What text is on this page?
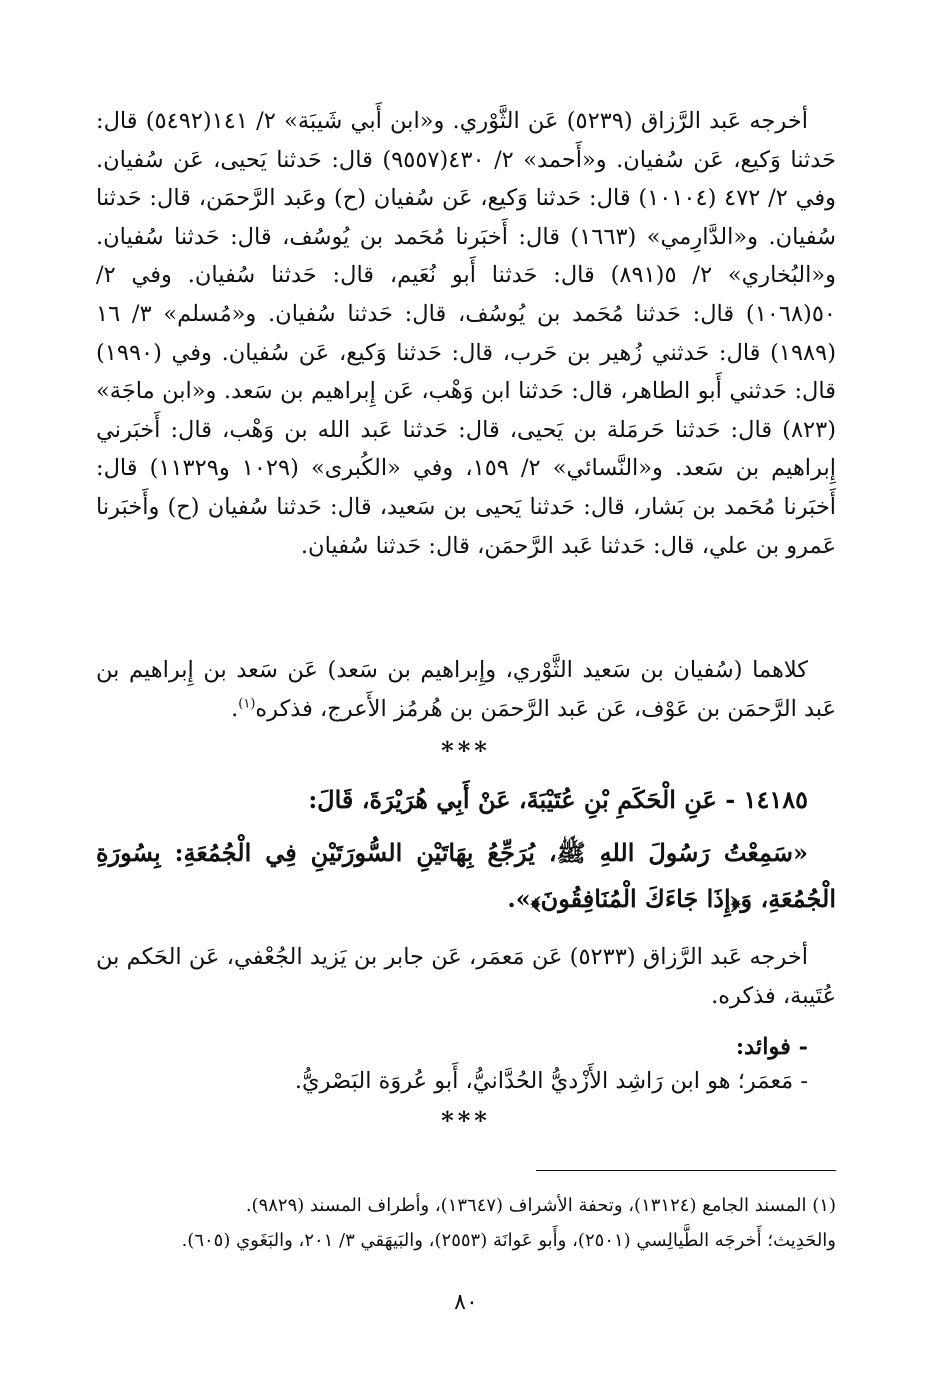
أخرجه عَبد الرَّزاق (٥٢٣٩) عَن الثَّوْري. و«ابن أَبي شَيبَة» ٢/ ١٤١(٥٤٩٢) قال: حَدثنا وَكيع، عَن سُفيان. و«أَحمد» ٢/ ٤٣٠(٩٥٥٧) قال: حَدثنا يَحيى، عَن سُفيان. وفي ٢/ ٤٧٢ (١٠١٠٤) قال: حَدثنا وَكيع، عَن سُفيان (ح) وعَبد الرَّحمَن، قال: حَدثنا سُفيان. و«الدَّارِمي» (١٦٦٣) قال: أَخبَرنا مُحَمد بن يُوسُف، قال: حَدثنا سُفيان. و«البُخاري» ٢/ ٥(٨٩١) قال: حَدثنا أَبو نُعَيم، قال: حَدثنا سُفيان. وفي ٢/ ٥٠(١٠٦٨) قال: حَدثنا مُحَمد بن يُوسُف، قال: حَدثنا سُفيان. و«مُسلم» ٣/ ١٦ (١٩٨٩) قال: حَدثني زُهير بن حَرب، قال: حَدثنا وَكيع، عَن سُفيان. وفي (١٩٩٠) قال: حَدثني أَبو الطاهر، قال: حَدثنا ابن وَهْب، عَن إِبراهيم بن سَعد. و«ابن ماجَة» (٨٢٣) قال: حَدثنا حَرمَلة بن يَحيى، قال: حَدثنا عَبد الله بن وَهْب، قال: أَخبَرني إِبراهيم بن سَعد. و«النَّسائي» ٢/ ١٥٩، وفي «الكُبرى» (١٠٢٩ و١١٣٢٩) قال: أَخبَرنا مُحَمد بن بَشار، قال: حَدثنا يَحيى بن سَعيد، قال: حَدثنا سُفيان (ح) وأَخبَرنا عَمرو بن علي، قال: حَدثنا عَبد الرَّحمَن، قال: حَدثنا سُفيان.

كلاهما (سُفيان بن سَعيد الثَّوْري، وإِبراهيم بن سَعد) عَن سَعد بن إِبراهيم بن عَبد الرَّحمَن بن عَوْف، عَن عَبد الرَّحمَن بن هُرمُز الأَعرج، فذكره$^{(١)}$.

***

١٤١٨٥ - عَنِ الْحَكَمِ بْنِ عُتَيْبَةَ، عَنْ أَبِي هُرَيْرَةَ، قَالَ:

«سَمِعْتُ رَسُولَ اللهِ ﷺ، يُرَجِّعُ بِهَاتَيْنِ السُّورَتَيْنِ فِي الْجُمُعَةِ: بِسُورَةِ الْجُمُعَةِ، وَ﴿إِذَا جَاءَكَ الْمُنَافِقُونَ﴾».

أخرجه عَبد الرَّزاق (٥٢٣٣) عَن مَعمَر، عَن جابر بن يَزيد الجُعْفي، عَن الحَكم بن عُتَيبة، فذكره.

- فوائد:

- مَعمَر؛ هو ابن رَاشِد الأَزْديُّ الحُدَّانيُّ، أَبو عُروَة البَصْريُّ.

***

(١) المسند الجامع (١٣١٢٤)، وتحفة الأشراف (١٣٦٤٧)، وأطراف المسند (٩٨٢٩).
والحَدِيث؛ أَخرجَه الطَّيالِسي (٢٥٠١)، وأَبو عَوانَة (٢٥٥٣)، والبَيهَقي ٣/ ٢٠١، والبَغَوي (٦٠٥).

٨٠
